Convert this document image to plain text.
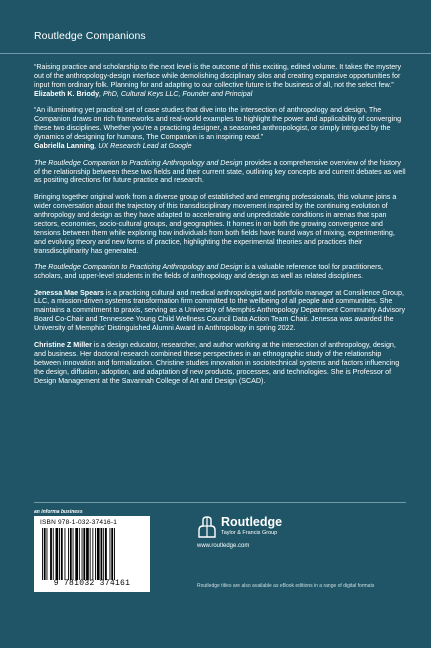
Routledge Companions

“Raising practice and scholarship to the next level is the outcome of this exciting, edited volume. It takes the mystery out of the anthropology-design interface while demolishing disciplinary silos and creating expansive opportunities for input from ordinary folk. Planning for and adapting to our collective future is the business of all, not the select few.”
Elizabeth K. Briody, PhD, Cultural Keys LLC, Founder and Principal

“An illuminating yet practical set of case studies that dive into the intersection of anthropology and design, The Companion draws on rich frameworks and real-world examples to highlight the power and applicability of converging these two disciplines. Whether you’re a practicing designer, a seasoned anthropologist, or simply intrigued by the dynamics of designing for humans, The Companion is an inspiring read.”
Gabriella Lanning, UX Research Lead at Google

The Routledge Companion to Practicing Anthropology and Design provides a comprehensive overview of the history of the relationship between these two fields and their current state, outlining key concepts and current debates as well as positing directions for future practice and research.

Bringing together original work from a diverse group of established and emerging professionals, this volume joins a wider conversation about the trajectory of this transdisciplinary movement inspired by the continuing evolution of anthropology and design as they have adapted to accelerating and unpredictable conditions in arenas that span sectors, economies, socio-cultural groups, and geographies. It homes in on both the growing convergence and tensions between them while exploring how individuals from both fields have found ways of mixing, experimenting, and evolving theory and new forms of practice, highlighting the experimental theories and practices their transdisciplinarity has generated.

The Routledge Companion to Practicing Anthropology and Design is a valuable reference tool for practitioners, scholars, and upper-level students in the fields of anthropology and design as well as related disciplines.

Jenessa Mae Spears is a practicing cultural and medical anthropologist and portfolio manager at Consilience Group, LLC, a mission-driven systems transformation firm committed to the wellbeing of all people and communities. She maintains a commitment to praxis, serving as a University of Memphis Anthropology Department Community Advisory Board Co-Chair and Tennessee Young Child Wellness Council Data Action Team Chair. Jenessa was awarded the University of Memphis’ Distinguished Alumni Award in Anthropology in spring 2022.

Christine Z Miller is a design educator, researcher, and author working at the intersection of anthropology, design, and business. Her doctoral research combined these perspectives in an ethnographic study of the relationship between innovation and formalization. Christine studies innovation in sociotechnical systems and factors influencing the design, diffusion, adoption, and adaptation of new products, processes, and technologies. She is Professor of Design Management at the Savannah College of Art and Design (SCAD).

an informa business
ISBN 978-1-032-37416-1
9 781032 374161
Routledge
Taylor & Francis Group
www.routledge.com
Routledge titles are also available as eBook editions in a range of digital formats
